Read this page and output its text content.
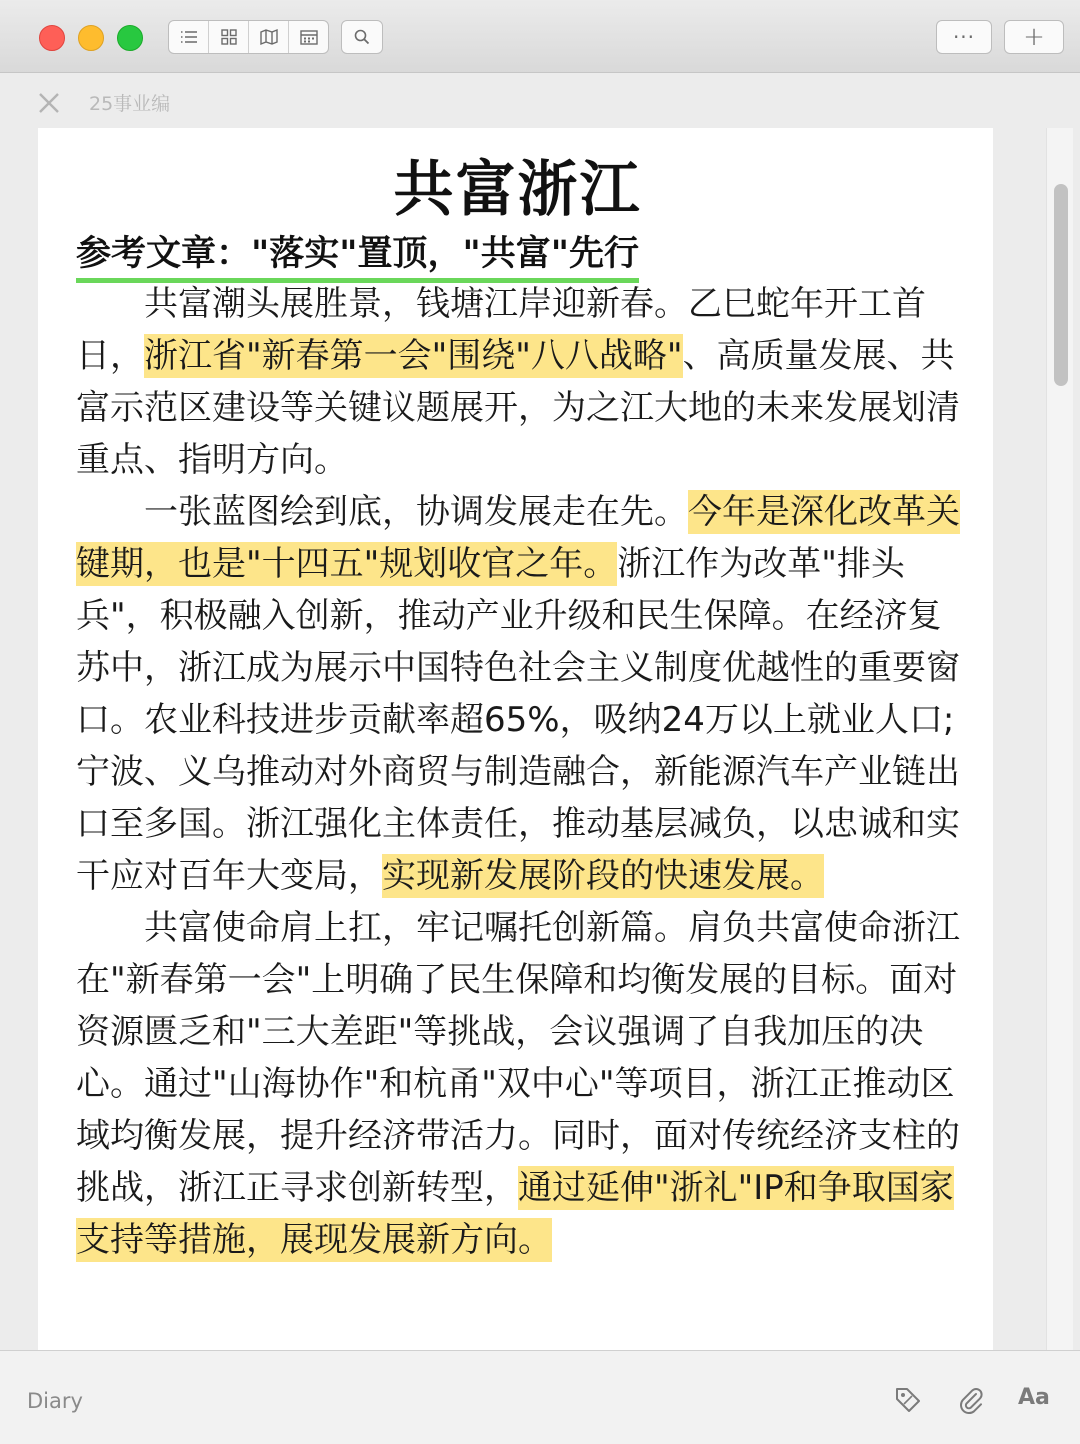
···	+
25事业编
共富浙江
参考文章："落实"置顶，"共富"先行

共富潮头展胜景，钱塘江岸迎新春。乙巳蛇年开工首日，浙江省"新春第一会"围绕"八八战略"、高质量发展、共富示范区建设等关键议题展开，为之江大地的未来发展划清重点、指明方向。

一张蓝图绘到底，协调发展走在先。今年是深化改革关键期，也是"十四五"规划收官之年。浙江作为改革"排头兵"，积极融入创新，推动产业升级和民生保障。在经济复苏中，浙江成为展示中国特色社会主义制度优越性的重要窗口。农业科技进步贡献率超65%，吸纳24万以上就业人口;宁波、义乌推动对外商贸与制造融合，新能源汽车产业链出口至多国。浙江强化主体责任，推动基层减负，以忠诚和实干应对百年大变局，实现新发展阶段的快速发展。

共富使命肩上扛，牢记嘱托创新篇。肩负共富使命浙江在"新春第一会"上明确了民生保障和均衡发展的目标。面对资源匮乏和"三大差距"等挑战，会议强调了自我加压的决心。通过"山海协作"和杭甬"双中心"等项目，浙江正推动区域均衡发展，提升经济带活力。同时，面对传统经济支柱的挑战，浙江正寻求创新转型，通过延伸"浙礼"IP和争取国家支持等措施，展现发展新方向。

Diary	Aa
